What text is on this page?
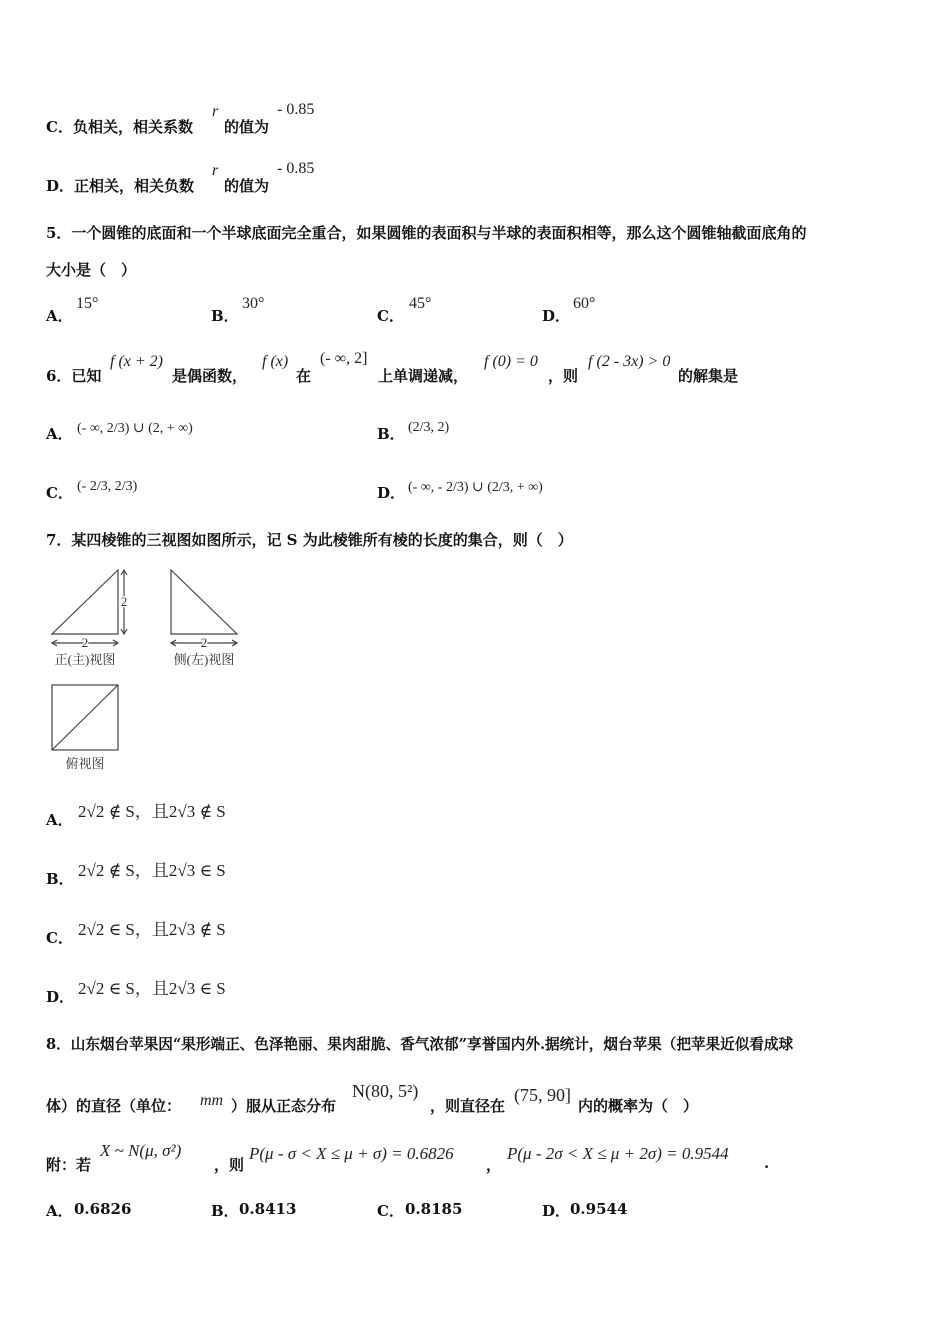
C．负相关，相关系数
r
的值为
- 0.85
D．正相关，相关负数
r
的值为
- 0.85
5．一个圆锥的底面和一个半球底面完全重合，如果圆锥的表面积与半球的表面积相等，那么这个圆锥轴截面底角的
大小是（　）
A．
15°
B．
30°
C．
45°
D．
60°
6．已知
f (x + 2)
是偶函数，
f (x)
在
(- ∞, 2]
上单调递减，
f (0) = 0
，则
f (2 - 3x) > 0
的解集是
A． (- ∞, 2/3) ∪ (2, + ∞)	B． (2/3, 2)
C． (- 2/3, 2/3)	D． (- ∞, - 2/3) ∪ (2/3, + ∞)
7．某四棱锥的三视图如图所示，记 S 为此棱锥所有棱的长度的集合，则（　）
2
2
正(主)视图
2
侧(左)视图
俯视图
A． 2√2 ∉ S，且2√3 ∉ S
B． 2√2 ∉ S，且2√3 ∈ S
C． 2√2 ∈ S，且2√3 ∉ S
D． 2√2 ∈ S，且2√3 ∈ S
8．山东烟台苹果因“果形端正、色泽艳丽、果肉甜脆、香气浓郁”享誉国内外.据统计，烟台苹果（把苹果近似看成球
体）的直径（单位： mm ）服从正态分布
N(80, 5²)
，则直径在
(75, 90]
内的概率为（　）
附：若
X ~ N(μ, σ²)
，则
P(μ - σ < X ≤ μ + σ) = 0.6826
，
P(μ - 2σ < X ≤ μ + 2σ) = 0.9544 .
A． 0.6826	B． 0.8413	C． 0.8185	D． 0.9544
